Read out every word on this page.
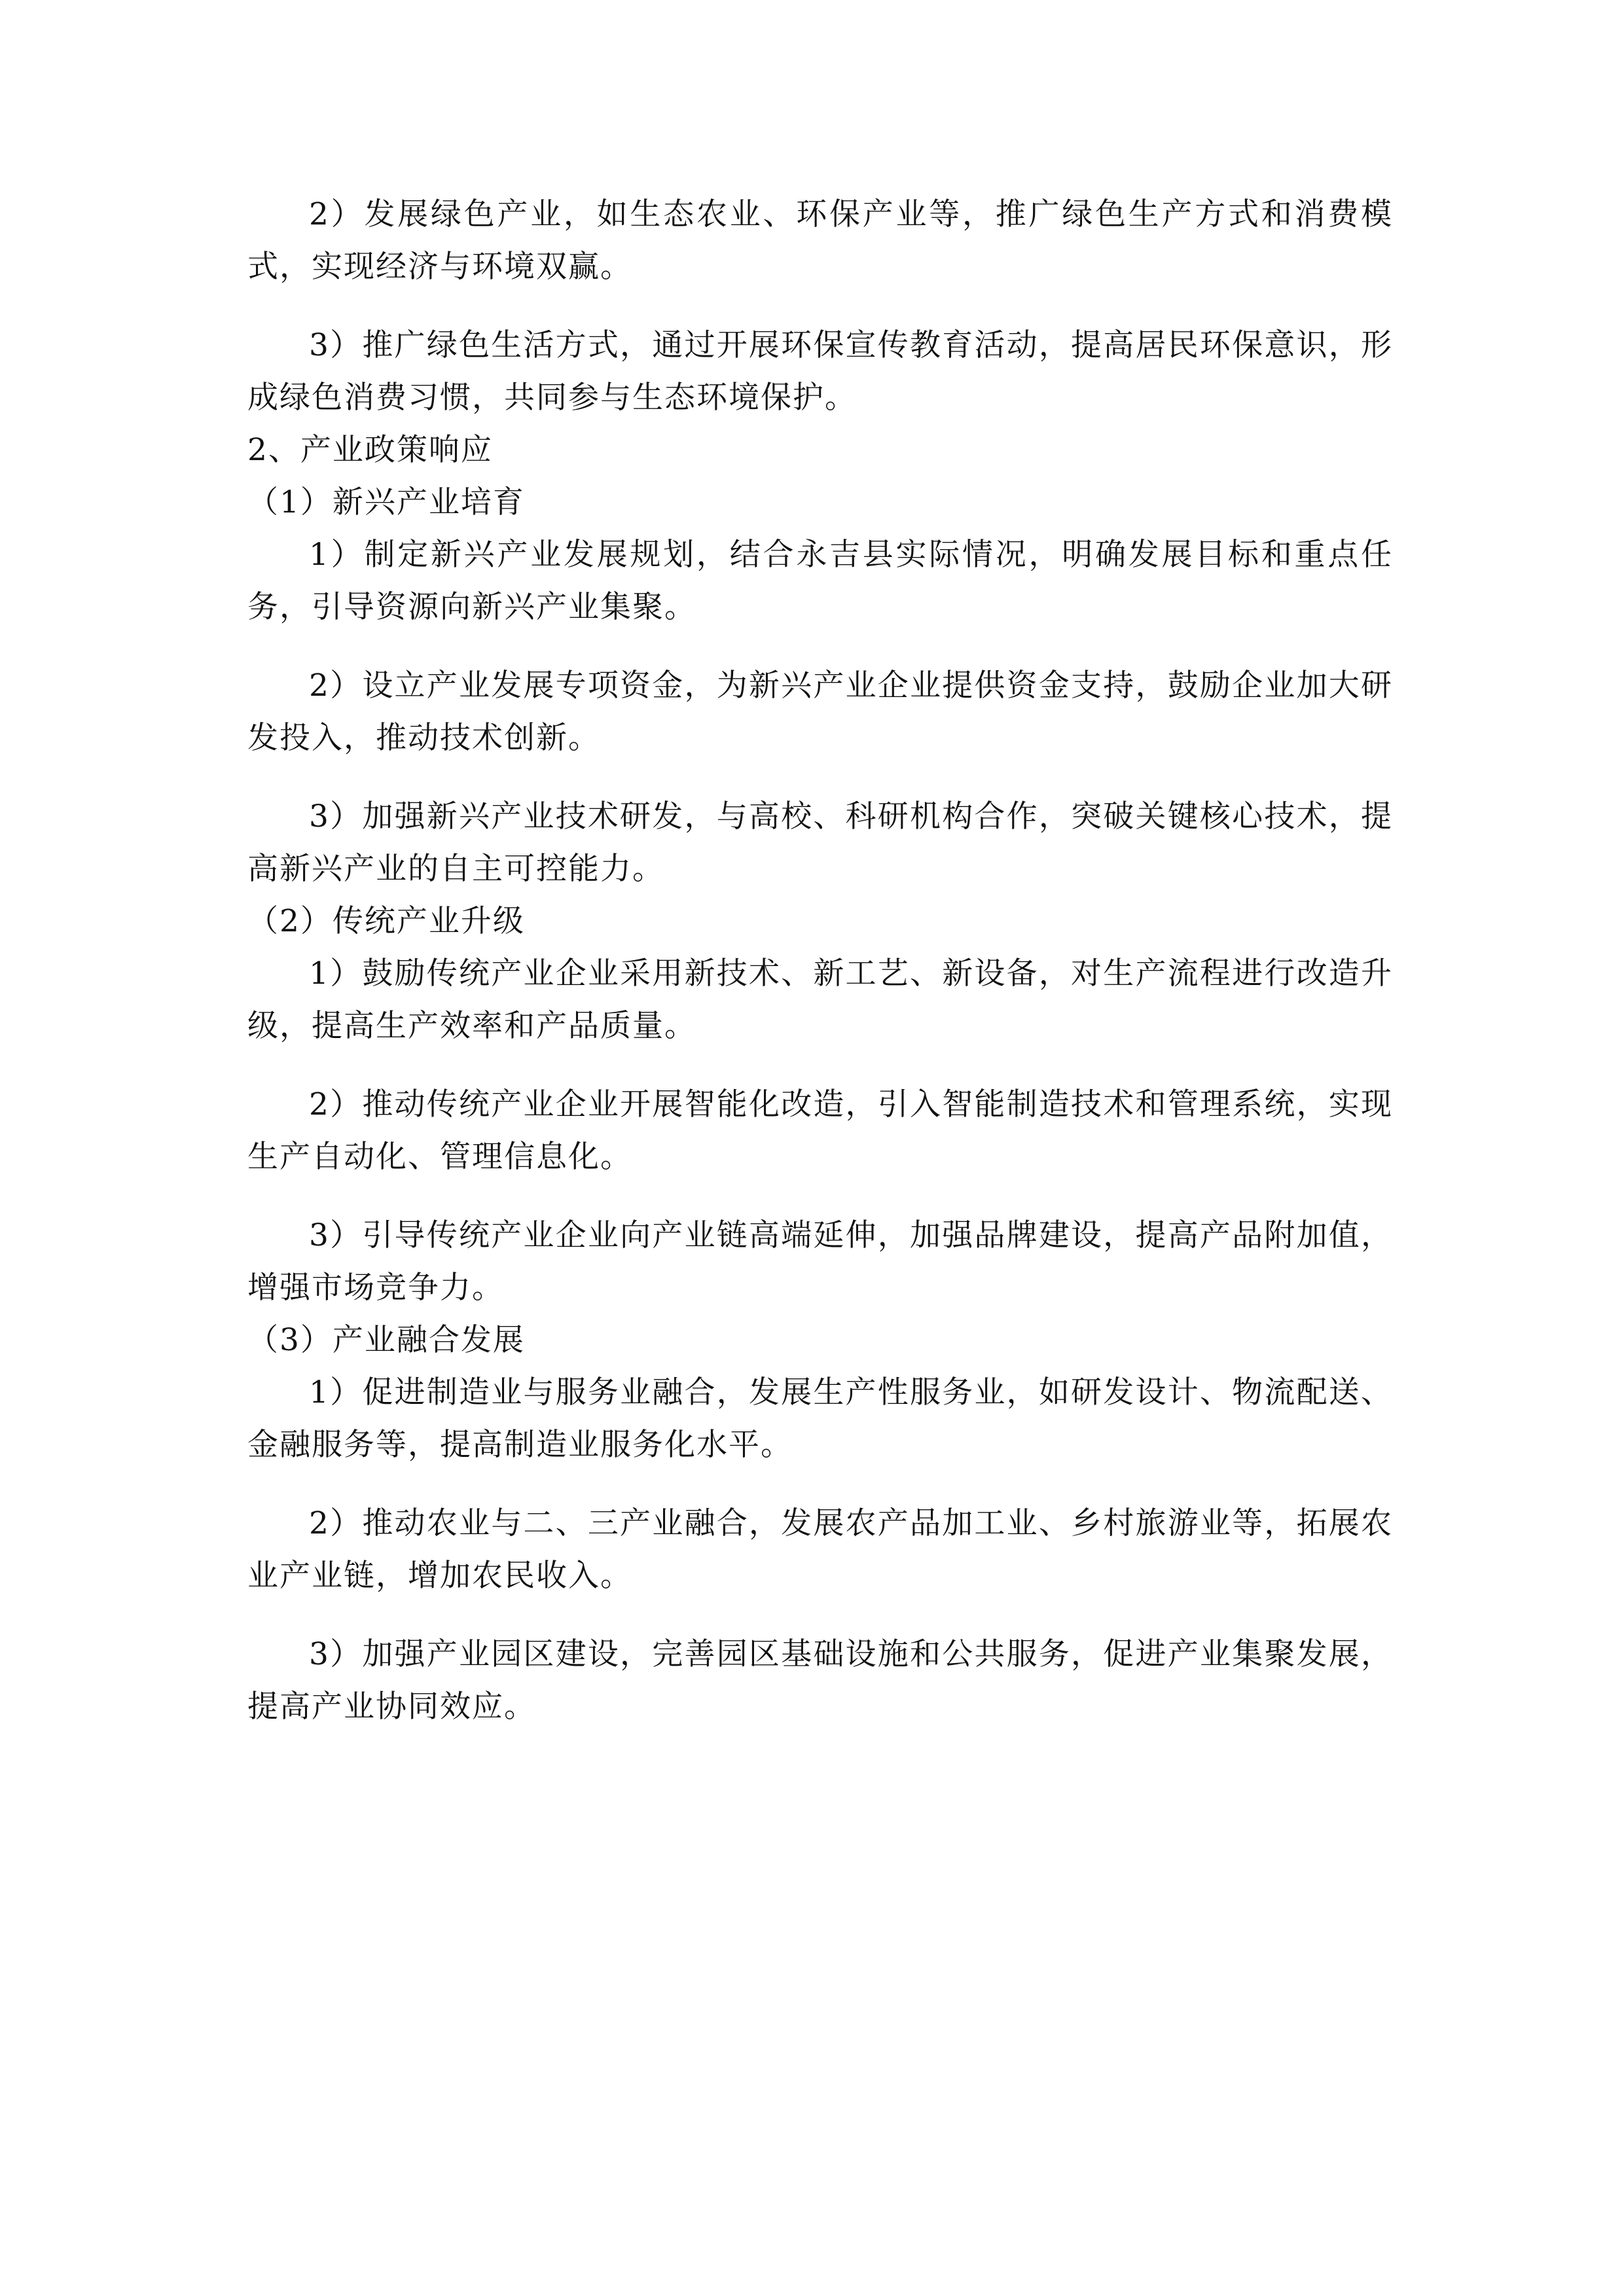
2）发展绿色产业，如生态农业、环保产业等，推广绿色生产方式和消费模式，实现经济与环境双赢。

3）推广绿色生活方式，通过开展环保宣传教育活动，提高居民环保意识，形成绿色消费习惯，共同参与生态环境保护。

2、产业政策响应

（1）新兴产业培育

1）制定新兴产业发展规划，结合永吉县实际情况，明确发展目标和重点任务，引导资源向新兴产业集聚。

2）设立产业发展专项资金，为新兴产业企业提供资金支持，鼓励企业加大研发投入，推动技术创新。

3）加强新兴产业技术研发，与高校、科研机构合作，突破关键核心技术，提高新兴产业的自主可控能力。

（2）传统产业升级

1）鼓励传统产业企业采用新技术、新工艺、新设备，对生产流程进行改造升级，提高生产效率和产品质量。

2）推动传统产业企业开展智能化改造，引入智能制造技术和管理系统，实现生产自动化、管理信息化。

3）引导传统产业企业向产业链高端延伸，加强品牌建设，提高产品附加值，增强市场竞争力。

（3）产业融合发展

1）促进制造业与服务业融合，发展生产性服务业，如研发设计、物流配送、金融服务等，提高制造业服务化水平。

2）推动农业与二、三产业融合，发展农产品加工业、乡村旅游业等，拓展农业产业链，增加农民收入。

3）加强产业园区建设，完善园区基础设施和公共服务，促进产业集聚发展，提高产业协同效应。
